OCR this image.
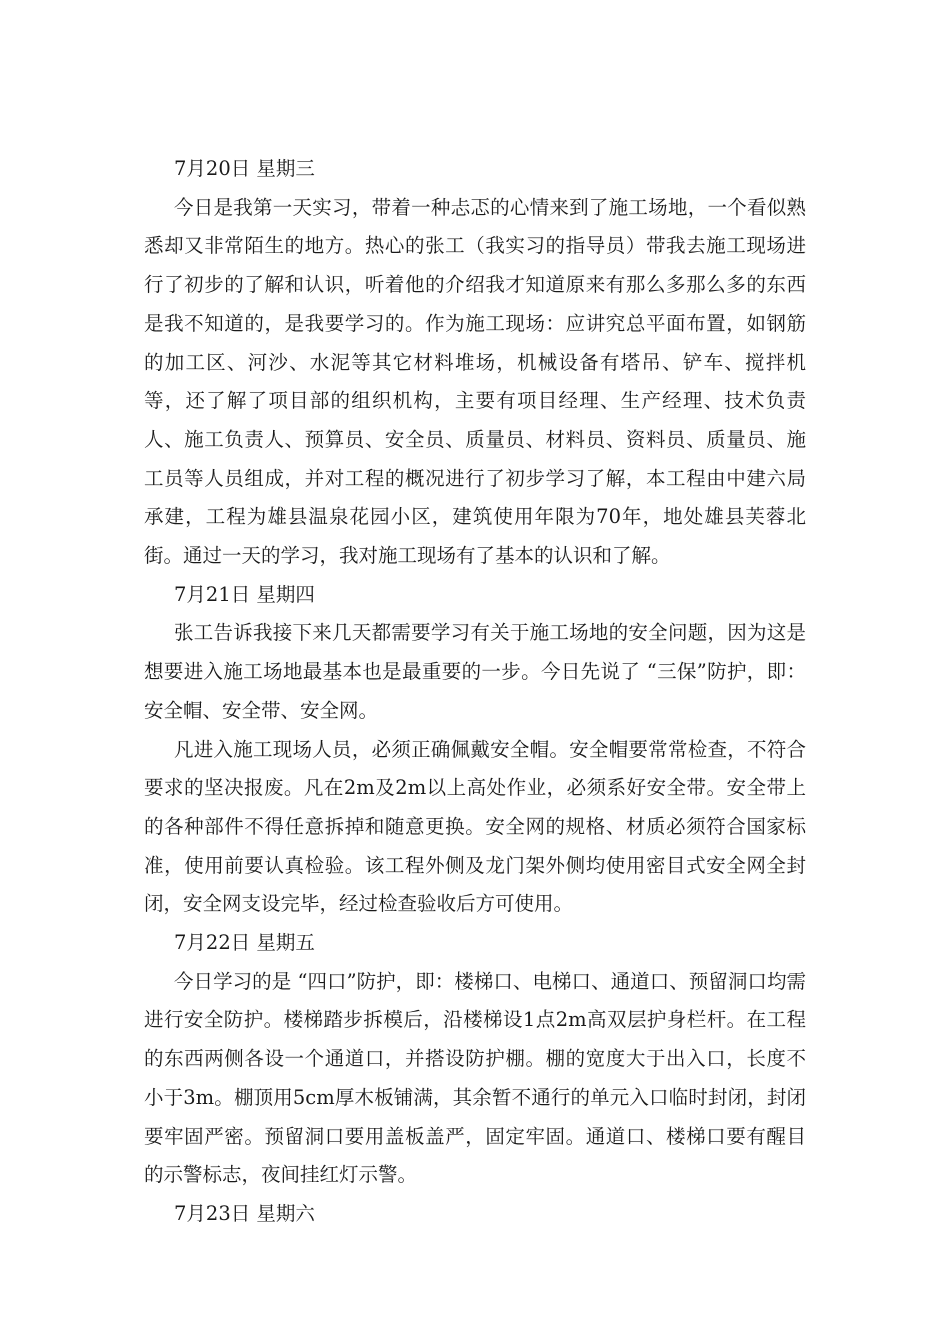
7月20日 星期三

今日是我第一天实习，带着一种忐忑的心情来到了施工场地，一个看似熟悉却又非常陌生的地方。热心的张工（我实习的指导员）带我去施工现场进行了初步的了解和认识，听着他的介绍我才知道原来有那么多那么多的东西是我不知道的，是我要学习的。作为施工现场：应讲究总平面布置，如钢筋的加工区、河沙、水泥等其它材料堆场，机械设备有塔吊、铲车、搅拌机等，还了解了项目部的组织机构，主要有项目经理、生产经理、技术负责人、施工负责人、预算员、安全员、质量员、材料员、资料员、质量员、施工员等人员组成，并对工程的概况进行了初步学习了解，本工程由中建六局承建，工程为雄县温泉花园小区，建筑使用年限为70年，地处雄县芙蓉北街。通过一天的学习，我对施工现场有了基本的认识和了解。

7月21日 星期四

张工告诉我接下来几天都需要学习有关于施工场地的安全问题，因为这是想要进入施工场地最基本也是最重要的一步。今日先说了 “三保”防护，即：安全帽、安全带、安全网。

凡进入施工现场人员，必须正确佩戴安全帽。安全帽要常常检查，不符合要求的坚决报废。凡在2m及2m以上高处作业，必须系好安全带。安全带上的各种部件不得任意拆掉和随意更换。安全网的规格、材质必须符合国家标准，使用前要认真检验。该工程外侧及龙门架外侧均使用密目式安全网全封闭，安全网支设完毕，经过检查验收后方可使用。

7月22日 星期五

今日学习的是 “四口”防护，即：楼梯口、电梯口、通道口、预留洞口均需进行安全防护。楼梯踏步拆模后，沿楼梯设1点2m高双层护身栏杆。在工程的东西两侧各设一个通道口，并搭设防护棚。棚的宽度大于出入口，长度不小于3m。棚顶用5cm厚木板铺满，其余暂不通行的单元入口临时封闭，封闭要牢固严密。预留洞口要用盖板盖严，固定牢固。通道口、楼梯口要有醒目的示警标志，夜间挂红灯示警。

7月23日 星期六
